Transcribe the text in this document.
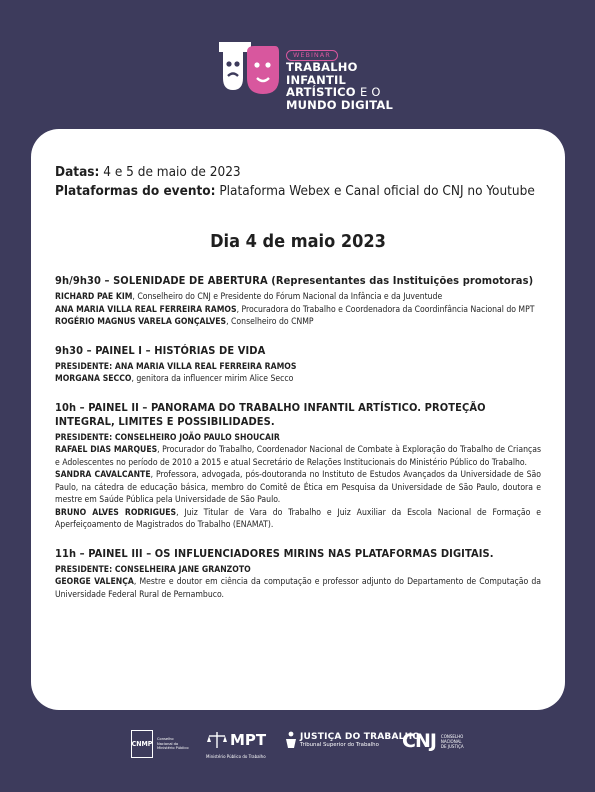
WEBINAR
TRABALHO
INFANTIL
ARTÍSTICO E O
MUNDO DIGITAL
Datas: 4 e 5 de maio de 2023
Plataformas do evento: Plataforma Webex e Canal oficial do CNJ no Youtube
Dia 4 de maio 2023
9h/9h30 – SOLENIDADE DE ABERTURA (Representantes das Instituições promotoras)
RICHARD PAE KIM, Conselheiro do CNJ e Presidente do Fórum Nacional da Infância e da Juventude
ANA MARIA VILLA REAL FERREIRA RAMOS, Procuradora do Trabalho e Coordenadora da Coordinfância Nacional do MPT
ROGÉRIO MAGNUS VARELA GONÇALVES, Conselheiro do CNMP
9h30 – PAINEL I – HISTÓRIAS DE VIDA
PRESIDENTE: ANA MARIA VILLA REAL FERREIRA RAMOS
MORGANA SECCO, genitora da influencer mirim Alice Secco
10h – PAINEL II – PANORAMA DO TRABALHO INFANTIL ARTÍSTICO. PROTEÇÃO INTEGRAL, LIMITES E POSSIBILIDADES.
PRESIDENTE: CONSELHEIRO JOÃO PAULO SHOUCAIR
RAFAEL DIAS MARQUES, Procurador do Trabalho, Coordenador Nacional de Combate à Exploração do Trabalho de Crianças e Adolescentes no período de 2010 a 2015 e atual Secretário de Relações Institucionais do Ministério Público do Trabalho.
SANDRA CAVALCANTE, Professora, advogada, pós-doutoranda no Instituto de Estudos Avançados da Universidade de São Paulo, na cátedra de educação básica, membro do Comitê de Ética em Pesquisa da Universidade de São Paulo, doutora e mestre em Saúde Pública pela Universidade de São Paulo.
BRUNO ALVES RODRIGUES, Juiz Titular de Vara do Trabalho e Juiz Auxiliar da Escola Nacional de Formação e Aperfeiçoamento de Magistrados do Trabalho (ENAMAT).
11h – PAINEL III – OS INFLUENCIADORES MIRINS NAS PLATAFORMAS DIGITAIS.
PRESIDENTE: CONSELHEIRA JANE GRANZOTO
GEORGE VALENÇA, Mestre e doutor em ciência da computação e professor adjunto do Departamento de Computação da Universidade Federal Rural de Pernambuco.
CNMP
Conselho
Nacional do
Ministério Público	MPT
Ministério Público do Trabalho
JUSTIÇA DO TRABALHO
Tribunal Superior do Trabalho	CNJ CONSELHO
NACIONAL
DE JUSTIÇA
